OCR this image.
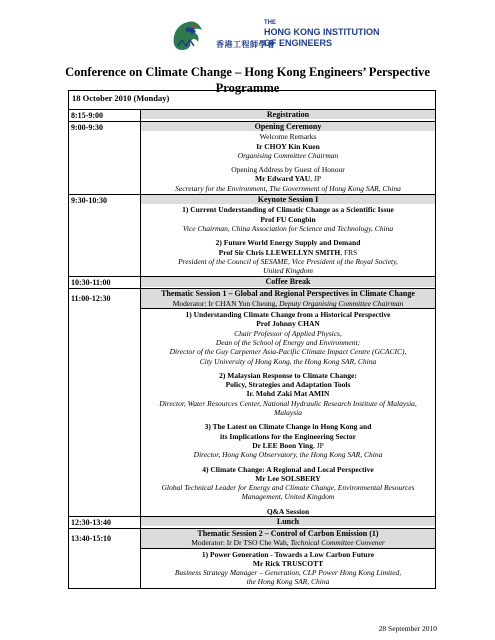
香港工程師學會
THE
HONG KONG INSTITUTION
OF ENGINEERS
Conference on Climate Change – Hong Kong Engineers’ Perspective
Programme
18 October 2010 (Monday)
8:15-9:00	Registration
9:00-9:30	Opening Ceremony
Welcome Remarks
Ir CHOY Kin Kuen
Organising Committee Chairman
Opening Address by Guest of Honour
Mr Edward YAU, JP
Secretary for the Environment, The Government of Hong Kong SAR, China
9:30-10:30	Keynote Session I
1) Current Understanding of Climatic Change as a Scientific Issue
Prof FU Congbin
Vice Chairman, China Association for Science and Technology, China
2) Future World Energy Supply and Demand
Prof Sir Chris LLEWELLYN SMITH, FRS
President of the Council of SESAME, Vice President of the Royal Society,
United Kingdom
10:30-11:00	Coffee Break
11:00-12:30
Thematic Session 1 – Global and Regional Perspectives in Climate Change
Moderator: Ir CHAN Yun Cheung, Deputy Organising Committee Chairman
1) Understanding Climate Change from a Historical Perspective
Prof Johnny CHAN
Chair Professor of Applied Physics,
Dean of the School of Energy and Environment;
Director of the Guy Carpenter Asia-Pacific Climate Impact Centre (GCACIC),
City University of Hong Kong, the Hong Kong SAR, China
2) Malaysian Response to Climate Change:
Policy, Strategies and Adaptation Tools
Ir. Mohd Zaki Mat AMIN
Director, Water Resources Center, National Hydraulic Research Institute of Malaysia,
Malaysia
3) The Latest on Climate Change in Hong Kong and
its Implications for the Engineering Sector
Dr LEE Boon Ying, JP
Director, Hong Kong Observatory, the Hong Kong SAR, China
4) Climate Change: A Regional and Local Perspective
Mr Lee SOLSBERY
Global Technical Leader for Energy and Climate Change, Environmental Resources
Management, United Kingdom
Q&A Session
12:30-13:40	Lunch
13:40-15:10
Thematic Session 2 – Control of Carbon Emission (1)
Moderator: Ir Dr TSO Che Wah, Technical Committee Convener
1) Power Generation - Towards a Low Carbon Future
Mr Rick TRUSCOTT
Business Strategy Manager – Generation, CLP Power Hong Kong Limited,
the Hong Kong SAR, China
28 September 2010
